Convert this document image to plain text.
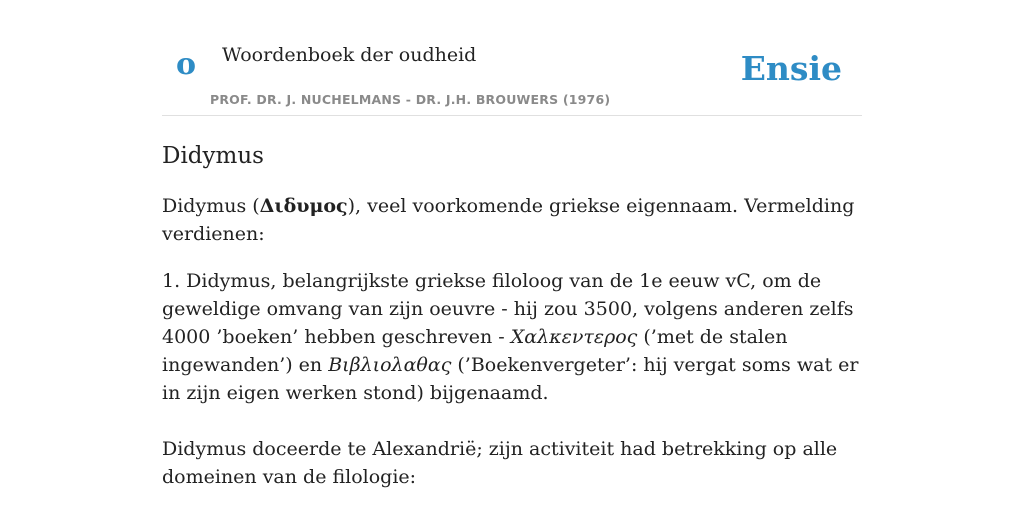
o Woordenboek der oudheid	Ensie
PROF. DR. J. NUCHELMANS - DR. J.H. BROUWERS (1976)
Didymus

Didymus (Διδυμος), veel voorkomende griekse eigennaam. Vermelding verdienen:

1. Didymus, belangrijkste griekse filoloog van de 1e eeuw vC, om de geweldige omvang van zijn oeuvre - hij zou 3500, volgens anderen zelfs 4000 ’boeken’ hebben geschreven - Χαλκεντερος (’met de stalen ingewanden’) en Βιβλιολαθας (’Boekenvergeter’: hij vergat soms wat er in zijn eigen werken stond) bijgenaamd.

Didymus doceerde te Alexandrië; zijn activiteit had betrekking op alle domeinen van de filologie:
